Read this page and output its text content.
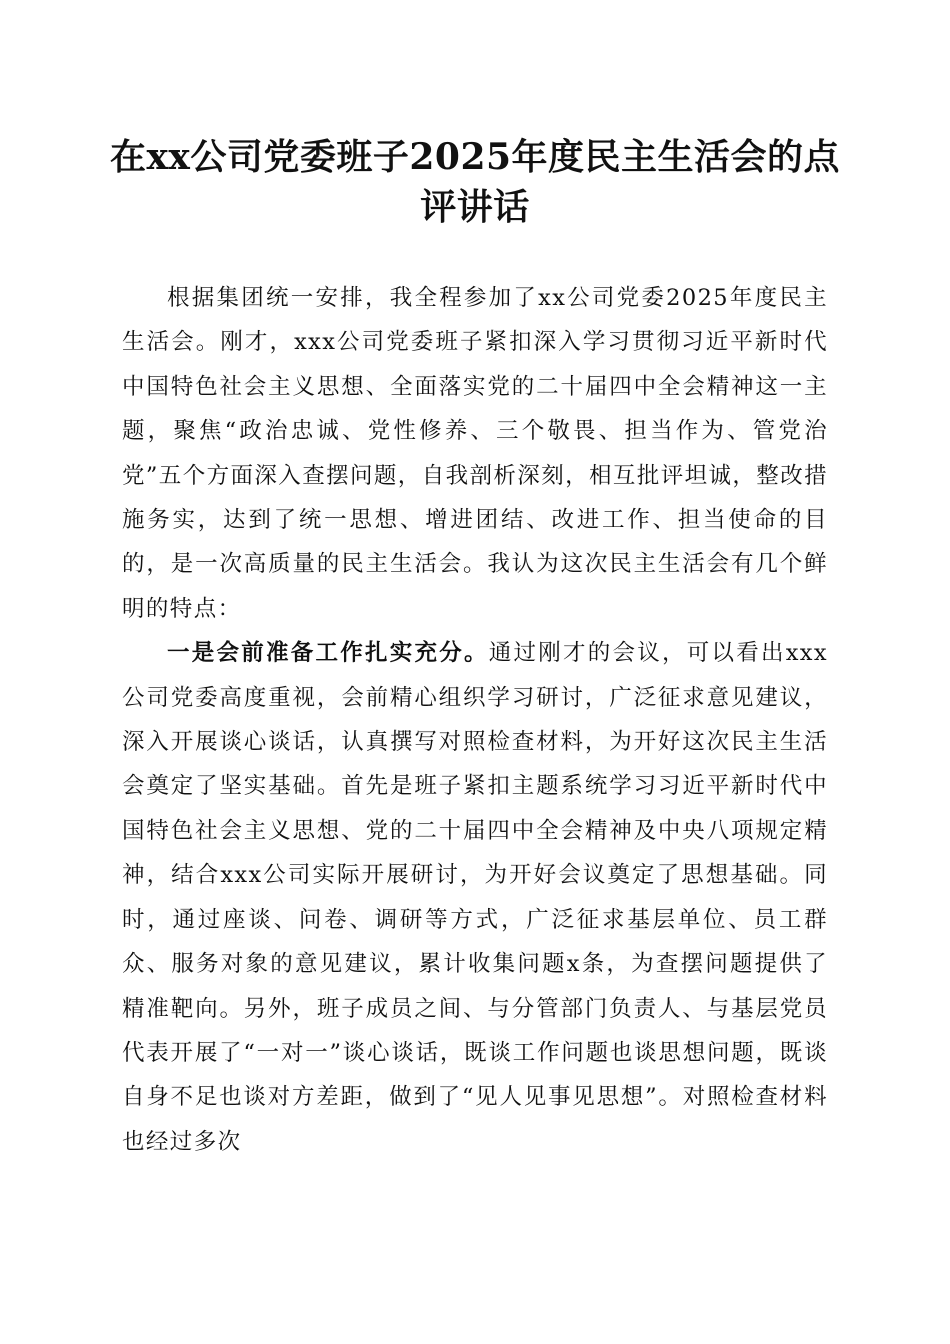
在xx公司党委班子2025年度民主生活会的点
评讲话

根据集团统一安排，我全程参加了xx公司党委2025年度民主生活会。刚才，xxx公司党委班子紧扣深入学习贯彻习近平新时代中国特色社会主义思想、全面落实党的二十届四中全会精神这一主题，聚焦“政治忠诚、党性修养、三个敬畏、担当作为、管党治党”五个方面深入查摆问题，自我剖析深刻，相互批评坦诚，整改措施务实，达到了统一思想、增进团结、改进工作、担当使命的目的，是一次高质量的民主生活会。我认为这次民主生活会有几个鲜明的特点：

一是会前准备工作扎实充分。通过刚才的会议，可以看出xxx公司党委高度重视，会前精心组织学习研讨，广泛征求意见建议，深入开展谈心谈话，认真撰写对照检查材料，为开好这次民主生活会奠定了坚实基础。首先是班子紧扣主题系统学习习近平新时代中国特色社会主义思想、党的二十届四中全会精神及中央八项规定精神，结合xxx公司实际开展研讨，为开好会议奠定了思想基础。同时，通过座谈、问卷、调研等方式，广泛征求基层单位、员工群众、服务对象的意见建议，累计收集问题x条，为查摆问题提供了精准靶向。另外，班子成员之间、与分管部门负责人、与基层党员代表开展了“一对一”谈心谈话，既谈工作问题也谈思想问题，既谈自身不足也谈对方差距，做到了“见人见事见思想”。对照检查材料也经过多次
